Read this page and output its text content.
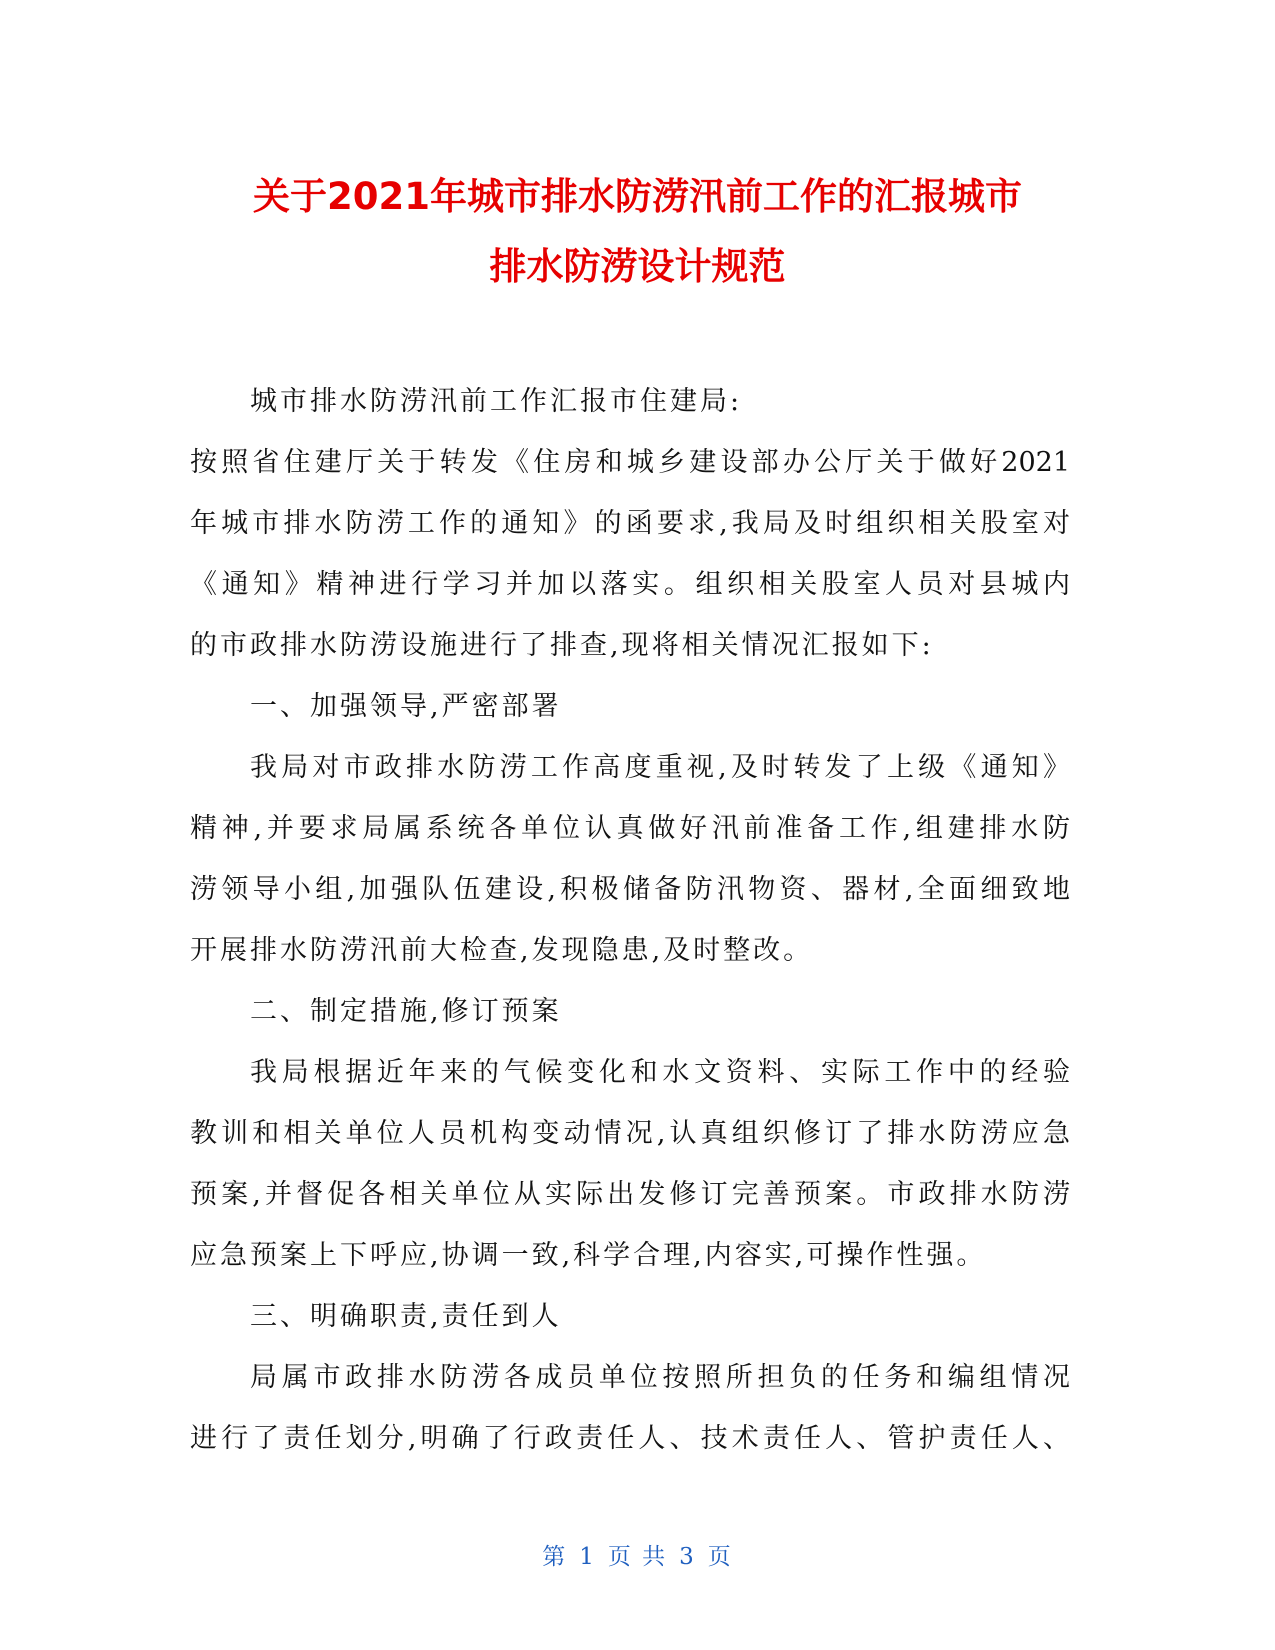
关于2021年城市排水防涝汛前工作的汇报城市
排水防涝设计规范
城市排水防涝汛前工作汇报市住建局:
按照省住建厅关于转发《住房和城乡建设部办公厅关于做好2021
年城市排水防涝工作的通知》的函要求,我局及时组织相关股室对
《通知》精神进行学习并加以落实。组织相关股室人员对县城内
的市政排水防涝设施进行了排查,现将相关情况汇报如下:
一、加强领导,严密部署
我局对市政排水防涝工作高度重视,及时转发了上级《通知》
精神,并要求局属系统各单位认真做好汛前准备工作,组建排水防
涝领导小组,加强队伍建设,积极储备防汛物资、器材,全面细致地
开展排水防涝汛前大检查,发现隐患,及时整改。
二、制定措施,修订预案
我局根据近年来的气候变化和水文资料、实际工作中的经验
教训和相关单位人员机构变动情况,认真组织修订了排水防涝应急
预案,并督促各相关单位从实际出发修订完善预案。市政排水防涝
应急预案上下呼应,协调一致,科学合理,内容实,可操作性强。
三、明确职责,责任到人
局属市政排水防涝各成员单位按照所担负的任务和编组情况
进行了责任划分,明确了行政责任人、技术责任人、管护责任人、
第 1 页 共 3 页
